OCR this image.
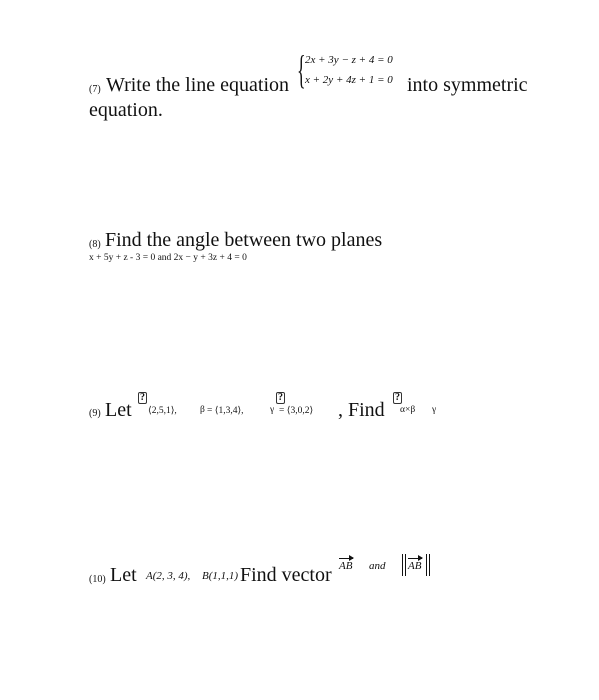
{ 2x + 3y − z + 4 = 0
x + 2y + 4z + 1 = 0
(7) Write the line equation	into symmetric
equation.
(8) Find the angle between two planes
x + 5y + z - 3 = 0 and 2x − y + 3z + 4 = 0
(9) Let
?
⟨2,5,1⟩, β = ⟨1,3,4⟩,	γ
?
= ⟨3,0,2⟩ , Find
?
α×β γ
(10) Let A(2, 3, 4), B(1,1,1) Find vector AB and AB
